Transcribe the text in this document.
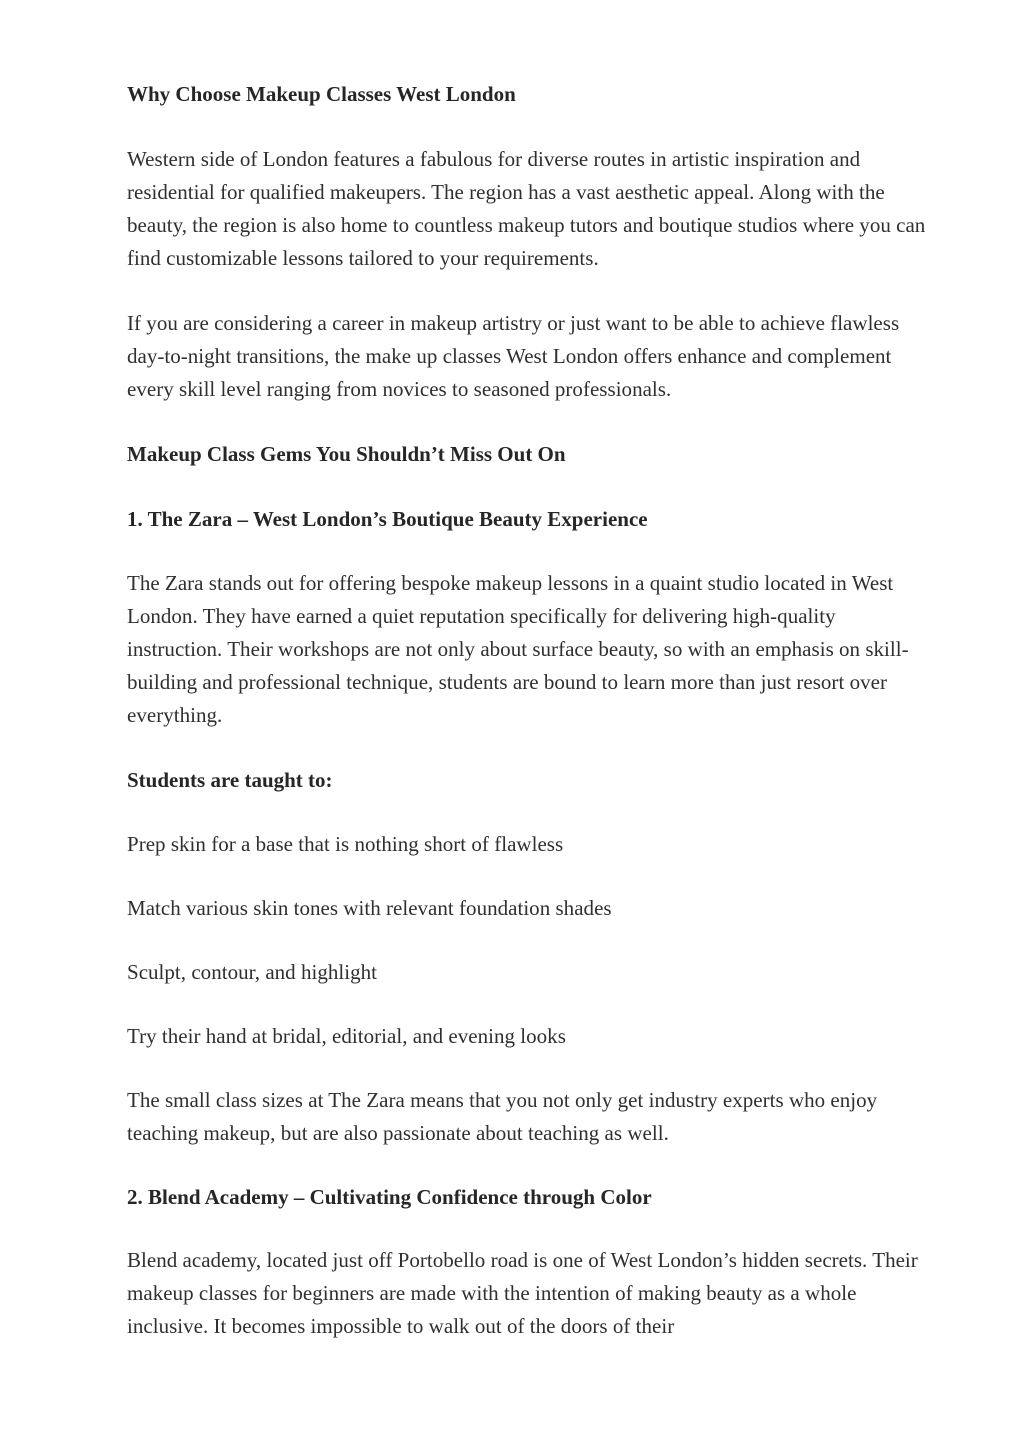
Why Choose Makeup Classes West London

Western side of London features a fabulous for diverse routes in artistic inspiration and residential for qualified makeupers. The region has a vast aesthetic appeal. Along with the beauty, the region is also home to countless makeup tutors and boutique studios where you can find customizable lessons tailored to your requirements.

If you are considering a career in makeup artistry or just want to be able to achieve flawless day-to-night transitions, the make up classes West London offers enhance and complement every skill level ranging from novices to seasoned professionals.

Makeup Class Gems You Shouldn’t Miss Out On
1. The Zara – West London’s Boutique Beauty Experience

The Zara stands out for offering bespoke makeup lessons in a quaint studio located in West London. They have earned a quiet reputation specifically for delivering high-quality instruction. Their workshops are not only about surface beauty, so with an emphasis on skill-building and professional technique, students are bound to learn more than just resort over everything.

Students are taught to:

Prep skin for a base that is nothing short of flawless

Match various skin tones with relevant foundation shades

Sculpt, contour, and highlight

Try their hand at bridal, editorial, and evening looks

The small class sizes at The Zara means that you not only get industry experts who enjoy teaching makeup, but are also passionate about teaching as well.

2. Blend Academy – Cultivating Confidence through Color

Blend academy, located just off Portobello road is one of West London’s hidden secrets. Their makeup classes for beginners are made with the intention of making beauty as a whole inclusive. It becomes impossible to walk out of the doors of their
